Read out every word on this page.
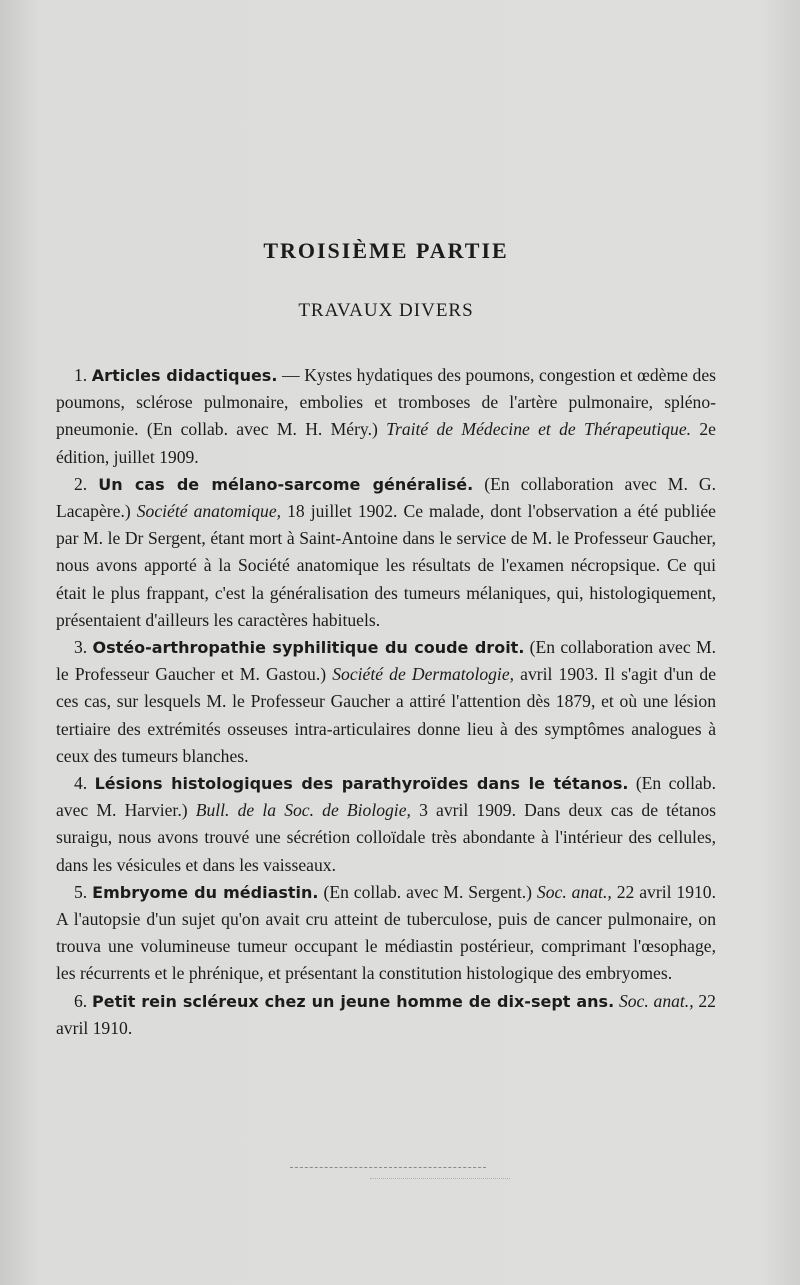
TROISIÈME PARTIE
TRAVAUX DIVERS

1. Articles didactiques. — Kystes hydatiques des poumons, congestion et œdème des poumons, sclérose pulmonaire, embolies et tromboses de l'artère pulmonaire, spléno-pneumonie. (En collab. avec M. H. Méry.) Traité de Médecine et de Thérapeutique. 2e édition, juillet 1909.

2. Un cas de mélano-sarcome généralisé. (En collaboration avec M. G. Lacapère.) Société anatomique, 18 juillet 1902. Ce malade, dont l'observation a été publiée par M. le Dr Sergent, étant mort à Saint-Antoine dans le service de M. le Professeur Gaucher, nous avons apporté à la Société anatomique les résultats de l'examen nécropsique. Ce qui était le plus frappant, c'est la généralisation des tumeurs mélaniques, qui, histologiquement, présentaient d'ailleurs les caractères habituels.

3. Ostéo-arthropathie syphilitique du coude droit. (En collaboration avec M. le Professeur Gaucher et M. Gastou.) Société de Dermatologie, avril 1903. Il s'agit d'un de ces cas, sur lesquels M. le Professeur Gaucher a attiré l'attention dès 1879, et où une lésion tertiaire des extrémités osseuses intra-articulaires donne lieu à des symptômes analogues à ceux des tumeurs blanches.

4. Lésions histologiques des parathyroïdes dans le tétanos. (En collab. avec M. Harvier.) Bull. de la Soc. de Biologie, 3 avril 1909. Dans deux cas de tétanos suraigu, nous avons trouvé une sécrétion colloïdale très abondante à l'intérieur des cellules, dans les vésicules et dans les vaisseaux.

5. Embryome du médiastin. (En collab. avec M. Sergent.) Soc. anat., 22 avril 1910. A l'autopsie d'un sujet qu'on avait cru atteint de tuberculose, puis de cancer pulmonaire, on trouva une volumineuse tumeur occupant le médiastin postérieur, comprimant l'œsophage, les récurrents et le phrénique, et présentant la constitution histologique des embryomes.

6. Petit rein scléreux chez un jeune homme de dix-sept ans. Soc. anat., 22 avril 1910.
